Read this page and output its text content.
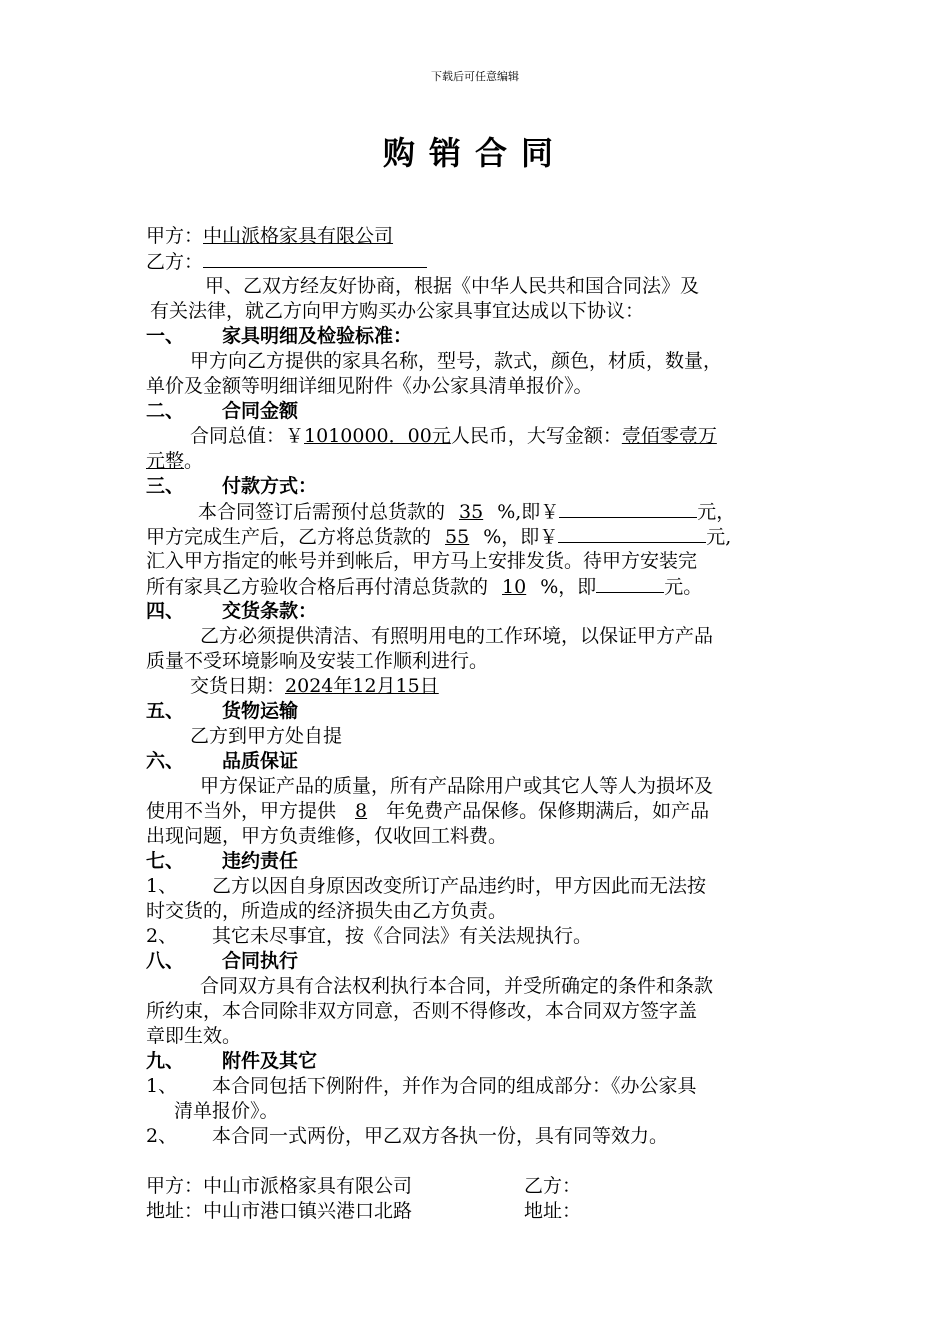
下载后可任意编辑
购销合同
甲方：中山派格家具有限公司
乙方：
甲、乙双方经友好协商，根据《中华人民共和国合同法》及
有关法律，就乙方向甲方购买办公家具事宜达成以下协议：
一、 家具明细及检验标准：
甲方向乙方提供的家具名称，型号，款式，颜色，材质，数量，
单价及金额等明细详细见附件《办公家具清单报价》。
二、 合同金额
合同总值：￥1010000．00元人民币，大写金额：壹佰零壹万
元整。
三、 付款方式：
本合同签订后需预付总货款的 35 %,即￥	元，
甲方完成生产后，乙方将总货款的 55 %，即￥	元,
汇入甲方指定的帐号并到帐后，甲方马上安排发货。待甲方安装完
所有家具乙方验收合格后再付清总货款的 10 %，即	元。
四、 交货条款：
乙方必须提供清洁、有照明用电的工作环境，以保证甲方产品
质量不受环境影响及安装工作顺利进行。
交货日期：2024年12月15日
五、 货物运输
乙方到甲方处自提
六、 品质保证
甲方保证产品的质量，所有产品除用户或其它人等人为损坏及
使用不当外，甲方提供 8 年免费产品保修。保修期满后，如产品
出现问题，甲方负责维修，仅收回工料费。
七、 违约责任
1、 乙方以因自身原因改变所订产品违约时，甲方因此而无法按
时交货的，所造成的经济损失由乙方负责。
2、 其它未尽事宜，按《合同法》有关法规执行。
八、 合同执行
合同双方具有合法权利执行本合同，并受所确定的条件和条款
所约束，本合同除非双方同意，否则不得修改，本合同双方签字盖
章即生效。
九、 附件及其它
1、 本合同包括下例附件，并作为合同的组成部分：《办公家具
清单报价》。
2、 本合同一式两份，甲乙双方各执一份，具有同等效力。
甲方：中山市派格家具有限公司	乙方：
地址：中山市港口镇兴港口北路	地址：
